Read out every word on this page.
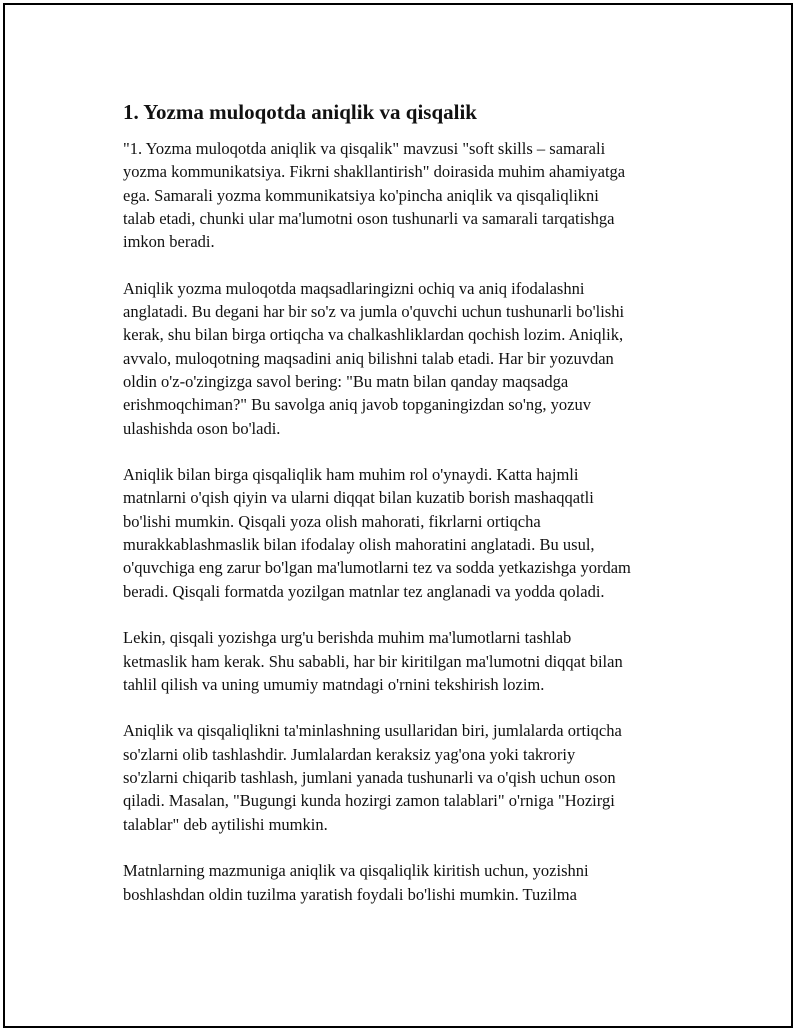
1. Yozma muloqotda aniqlik va qisqalik

"1. Yozma muloqotda aniqlik va qisqalik" mavzusi "soft skills – samarali
yozma kommunikatsiya. Fikrni shakllantirish" doirasida muhim ahamiyatga
ega. Samarali yozma kommunikatsiya ko'pincha aniqlik va qisqaliqlikni
talab etadi, chunki ular ma'lumotni oson tushunarli va samarali tarqatishga
imkon beradi.

Aniqlik yozma muloqotda maqsadlaringizni ochiq va aniq ifodalashni
anglatadi. Bu degani har bir so'z va jumla o'quvchi uchun tushunarli bo'lishi
kerak, shu bilan birga ortiqcha va chalkashliklardan qochish lozim. Aniqlik,
avvalo, muloqotning maqsadini aniq bilishni talab etadi. Har bir yozuvdan
oldin o'z-o'zingizga savol bering: "Bu matn bilan qanday maqsadga
erishmoqchiman?" Bu savolga aniq javob topganingizdan so'ng, yozuv
ulashishda oson bo'ladi.

Aniqlik bilan birga qisqaliqlik ham muhim rol o'ynaydi. Katta hajmli
matnlarni o'qish qiyin va ularni diqqat bilan kuzatib borish mashaqqatli
bo'lishi mumkin. Qisqali yoza olish mahorati, fikrlarni ortiqcha
murakkablashmaslik bilan ifodalay olish mahoratini anglatadi. Bu usul,
o'quvchiga eng zarur bo'lgan ma'lumotlarni tez va sodda yetkazishga yordam
beradi. Qisqali formatda yozilgan matnlar tez anglanadi va yodda qoladi.

Lekin, qisqali yozishga urg'u berishda muhim ma'lumotlarni tashlab
ketmaslik ham kerak. Shu sababli, har bir kiritilgan ma'lumotni diqqat bilan
tahlil qilish va uning umumiy matndagi o'rnini tekshirish lozim.

Aniqlik va qisqaliqlikni ta'minlashning usullaridan biri, jumlalarda ortiqcha
so'zlarni olib tashlashdir. Jumlalardan keraksiz yag'ona yoki takroriy
so'zlarni chiqarib tashlash, jumlani yanada tushunarli va o'qish uchun oson
qiladi. Masalan, "Bugungi kunda hozirgi zamon talablari" o'rniga "Hozirgi
talablar" deb aytilishi mumkin.

Matnlarning mazmuniga aniqlik va qisqaliqlik kiritish uchun, yozishni
boshlashdan oldin tuzilma yaratish foydali bo'lishi mumkin. Tuzilma
